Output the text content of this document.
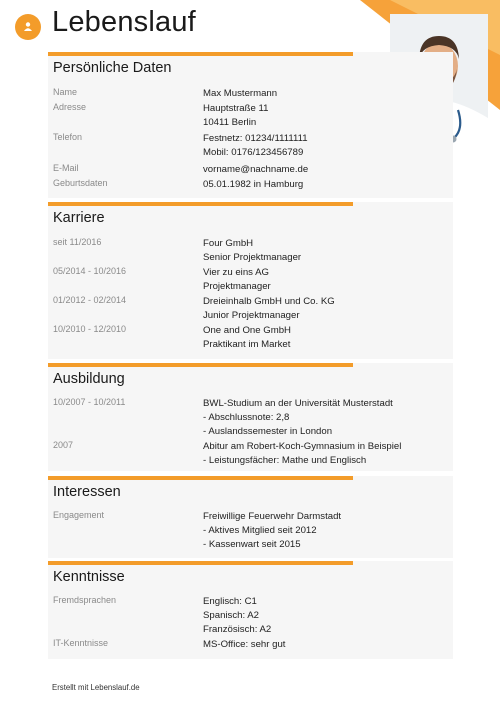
Lebenslauf
Persönliche Daten
Name	Max Mustermann
Adresse	Hauptstraße 11
10411 Berlin
Telefon	Festnetz: 01234/1111111
Mobil: 0176/123456789
E-Mail	vorname@nachname.de
Geburtsdaten	05.01.1982 in Hamburg
Karriere
seit 11/2016	Four GmbH
Senior Projektmanager
05/2014 - 10/2016	Vier zu eins AG
Projektmanager
01/2012 - 02/2014	Dreieinhalb GmbH und Co. KG
Junior Projektmanager
10/2010 - 12/2010	One and One GmbH
Praktikant im Market
Ausbildung
10/2007 - 10/2011	BWL-Studium an der Universität Musterstadt
- Abschlussnote: 2,8
- Auslandssemester in London
2007	Abitur am Robert-Koch-Gymnasium in Beispiel
- Leistungsfächer: Mathe und Englisch
Interessen
Engagement	Freiwillige Feuerwehr Darmstadt
- Aktives Mitglied seit 2012
- Kassenwart seit 2015
Kenntnisse
Fremdsprachen	Englisch: C1
Spanisch: A2
Französisch: A2
IT-Kenntnisse	MS-Office: sehr gut
Erstellt mit Lebenslauf.de
